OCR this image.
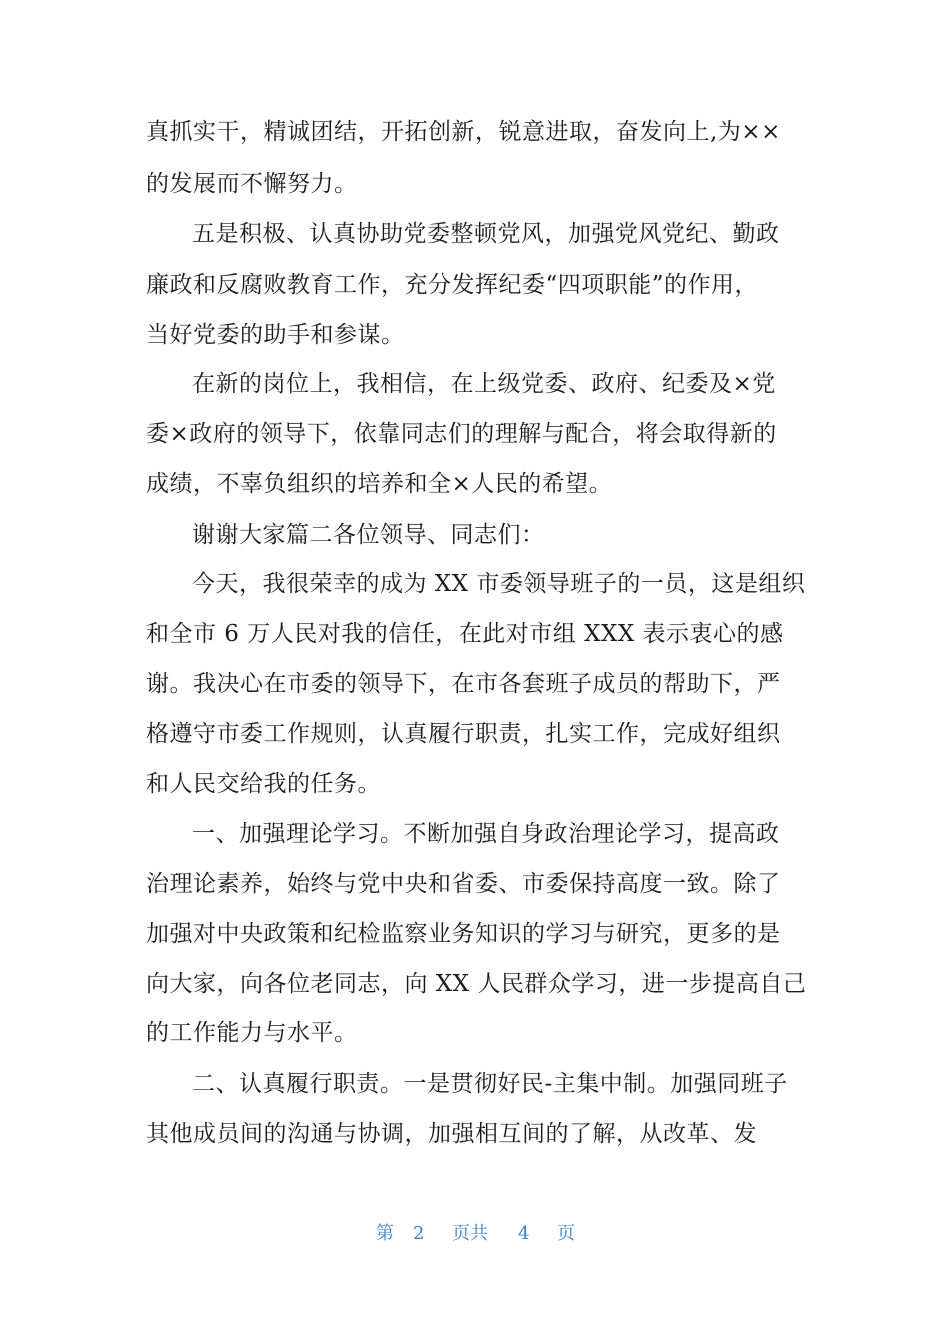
真抓实干，精诚团结，开拓创新，锐意进取，奋发向上,为××
的发展而不懈努力。
五是积极、认真协助党委整顿党风，加强党风党纪、勤政
廉政和反腐败教育工作，充分发挥纪委“四项职能”的作用，
当好党委的助手和参谋。
在新的岗位上，我相信，在上级党委、政府、纪委及×党
委×政府的领导下，依靠同志们的理解与配合，将会取得新的
成绩，不辜负组织的培养和全×人民的希望。
谢谢大家篇二各位领导、同志们：
今天，我很荣幸的成为 XX 市委领导班子的一员，这是组织
和全市 6 万人民对我的信任，在此对市组 XXX 表示衷心的感
谢。我决心在市委的领导下，在市各套班子成员的帮助下，严
格遵守市委工作规则，认真履行职责，扎实工作，完成好组织
和人民交给我的任务。
一、加强理论学习。不断加强自身政治理论学习，提高政
治理论素养，始终与党中央和省委、市委保持高度一致。除了
加强对中央政策和纪检监察业务知识的学习与研究，更多的是
向大家，向各位老同志，向 XX 人民群众学习，进一步提高自己
的工作能力与水平。
二、认真履行职责。一是贯彻好民-主集中制。加强同班子
其他成员间的沟通与协调，加强相互间的了解，从改革、发
第 2 页共 4 页
